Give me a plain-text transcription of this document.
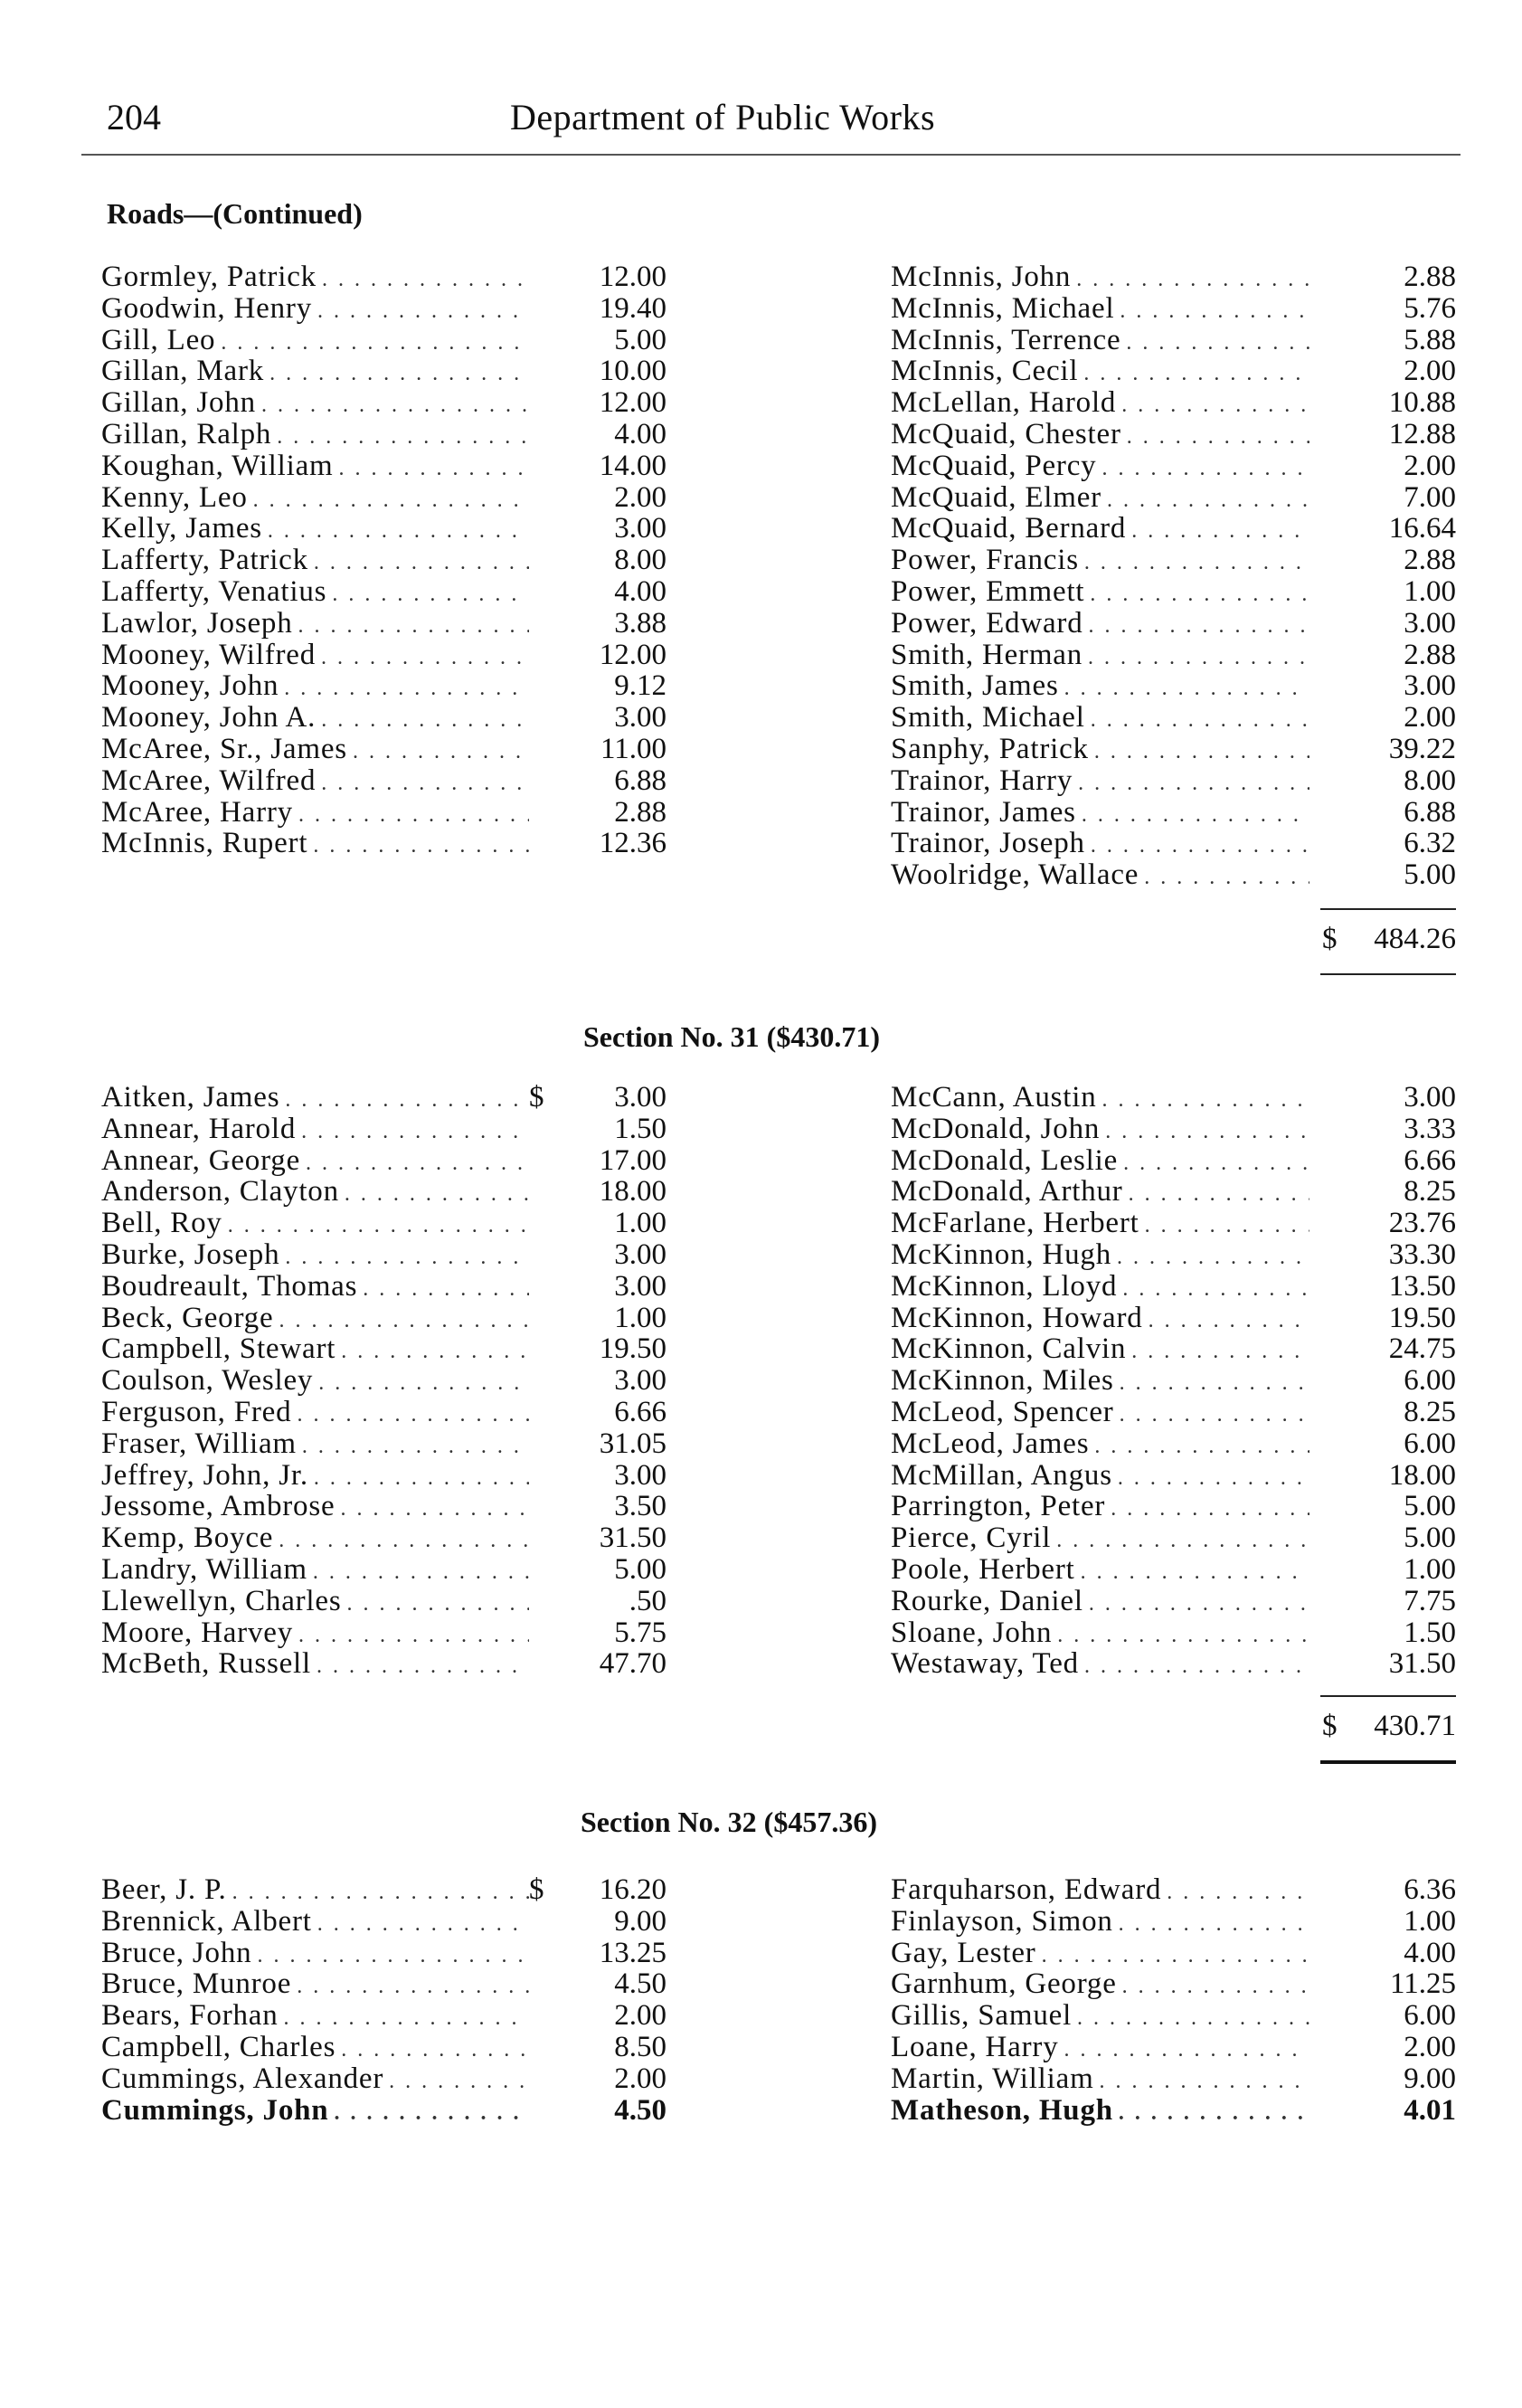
204	Department of Public Works
Roads—(Continued)
Gormley, Patrick . . .	12.00
Goodwin, Henry . . .	19.40
Gill, Leo . . .	5.00
Gillan, Mark . . .	10.00
Gillan, John . . .	12.00
Gillan, Ralph . . .	4.00
Koughan, William . . .	14.00
Kenny, Leo . . .	2.00
Kelly, James . . .	3.00
Lafferty, Patrick . . .	8.00
Lafferty, Venatius . . .	4.00
Lawlor, Joseph . . .	3.88
Mooney, Wilfred . . .	12.00
Mooney, John . . .	9.12
Mooney, John A. . . .	3.00
McAree, Sr., James . . .	11.00
McAree, Wilfred . . .	6.88
McAree, Harry . . .	2.88
McInnis, Rupert . . .	12.36
McInnis, John . . .	2.88
McInnis, Michael . . .	5.76
McInnis, Terrence . . .	5.88
McInnis, Cecil . . .	2.00
McLellan, Harold . . .	10.88
McQuaid, Chester . . .	12.88
McQuaid, Percy . . .	2.00
McQuaid, Elmer . . .	7.00
McQuaid, Bernard . . .	16.64
Power, Francis . . .	2.88
Power, Emmett . . .	1.00
Power, Edward . . .	3.00
Smith, Herman . . .	2.88
Smith, James . . .	3.00
Smith, Michael . . .	2.00
Sanphy, Patrick . . .	39.22
Trainor, Harry . . .	8.00
Trainor, James . . .	6.88
Trainor, Joseph . . .	6.32
Woolridge, Wallace . . .	5.00
$ 484.26
Section No. 31 ($430.71)
Aitken, James . . .	$	3.00
Annear, Harold . . .	1.50
Annear, George . . .	17.00
Anderson, Clayton . . .	18.00
Bell, Roy . . .	1.00
Burke, Joseph . . .	3.00
Boudreault, Thomas . . .	3.00
Beck, George . . .	1.00
Campbell, Stewart . . .	19.50
Coulson, Wesley . . .	3.00
Ferguson, Fred . . .	6.66
Fraser, William . . .	31.05
Jeffrey, John, Jr. . . .	3.00
Jessome, Ambrose . . .	3.50
Kemp, Boyce . . .	31.50
Landry, William . . .	5.00
Llewellyn, Charles . . .	.50
Moore, Harvey . . .	5.75
McBeth, Russell . . .	47.70
McCann, Austin . . .	3.00
McDonald, John . . .	3.33
McDonald, Leslie . . .	6.66
McDonald, Arthur . . .	8.25
McFarlane, Herbert . . .	23.76
McKinnon, Hugh . . .	33.30
McKinnon, Lloyd . . .	13.50
McKinnon, Howard . . .	19.50
McKinnon, Calvin . . .	24.75
McKinnon, Miles . . .	6.00
McLeod, Spencer . . .	8.25
McLeod, James . . .	6.00
McMillan, Angus . . .	18.00
Parrington, Peter . . .	5.00
Pierce, Cyril . . .	5.00
Poole, Herbert . . .	1.00
Rourke, Daniel . . .	7.75
Sloane, John . . .	1.50
Westaway, Ted . . .	31.50
$ 430.71
Section No. 32 ($457.36)
Beer, J. P. . . .	$	16.20
Brennick, Albert . . .	9.00
Bruce, John . . .	13.25
Bruce, Munroe . . .	4.50
Bears, Forhan . . .	2.00
Campbell, Charles . . .	8.50
Cummings, Alexander . . .	2.00
Cummings, John . . .	4.50
Farquharson, Edward . . .	6.36
Finlayson, Simon . . .	1.00
Gay, Lester . . .	4.00
Garnhum, George . . .	11.25
Gillis, Samuel . . .	6.00
Loane, Harry . . .	2.00
Martin, William . . .	9.00
Matheson, Hugh . . .	4.01
